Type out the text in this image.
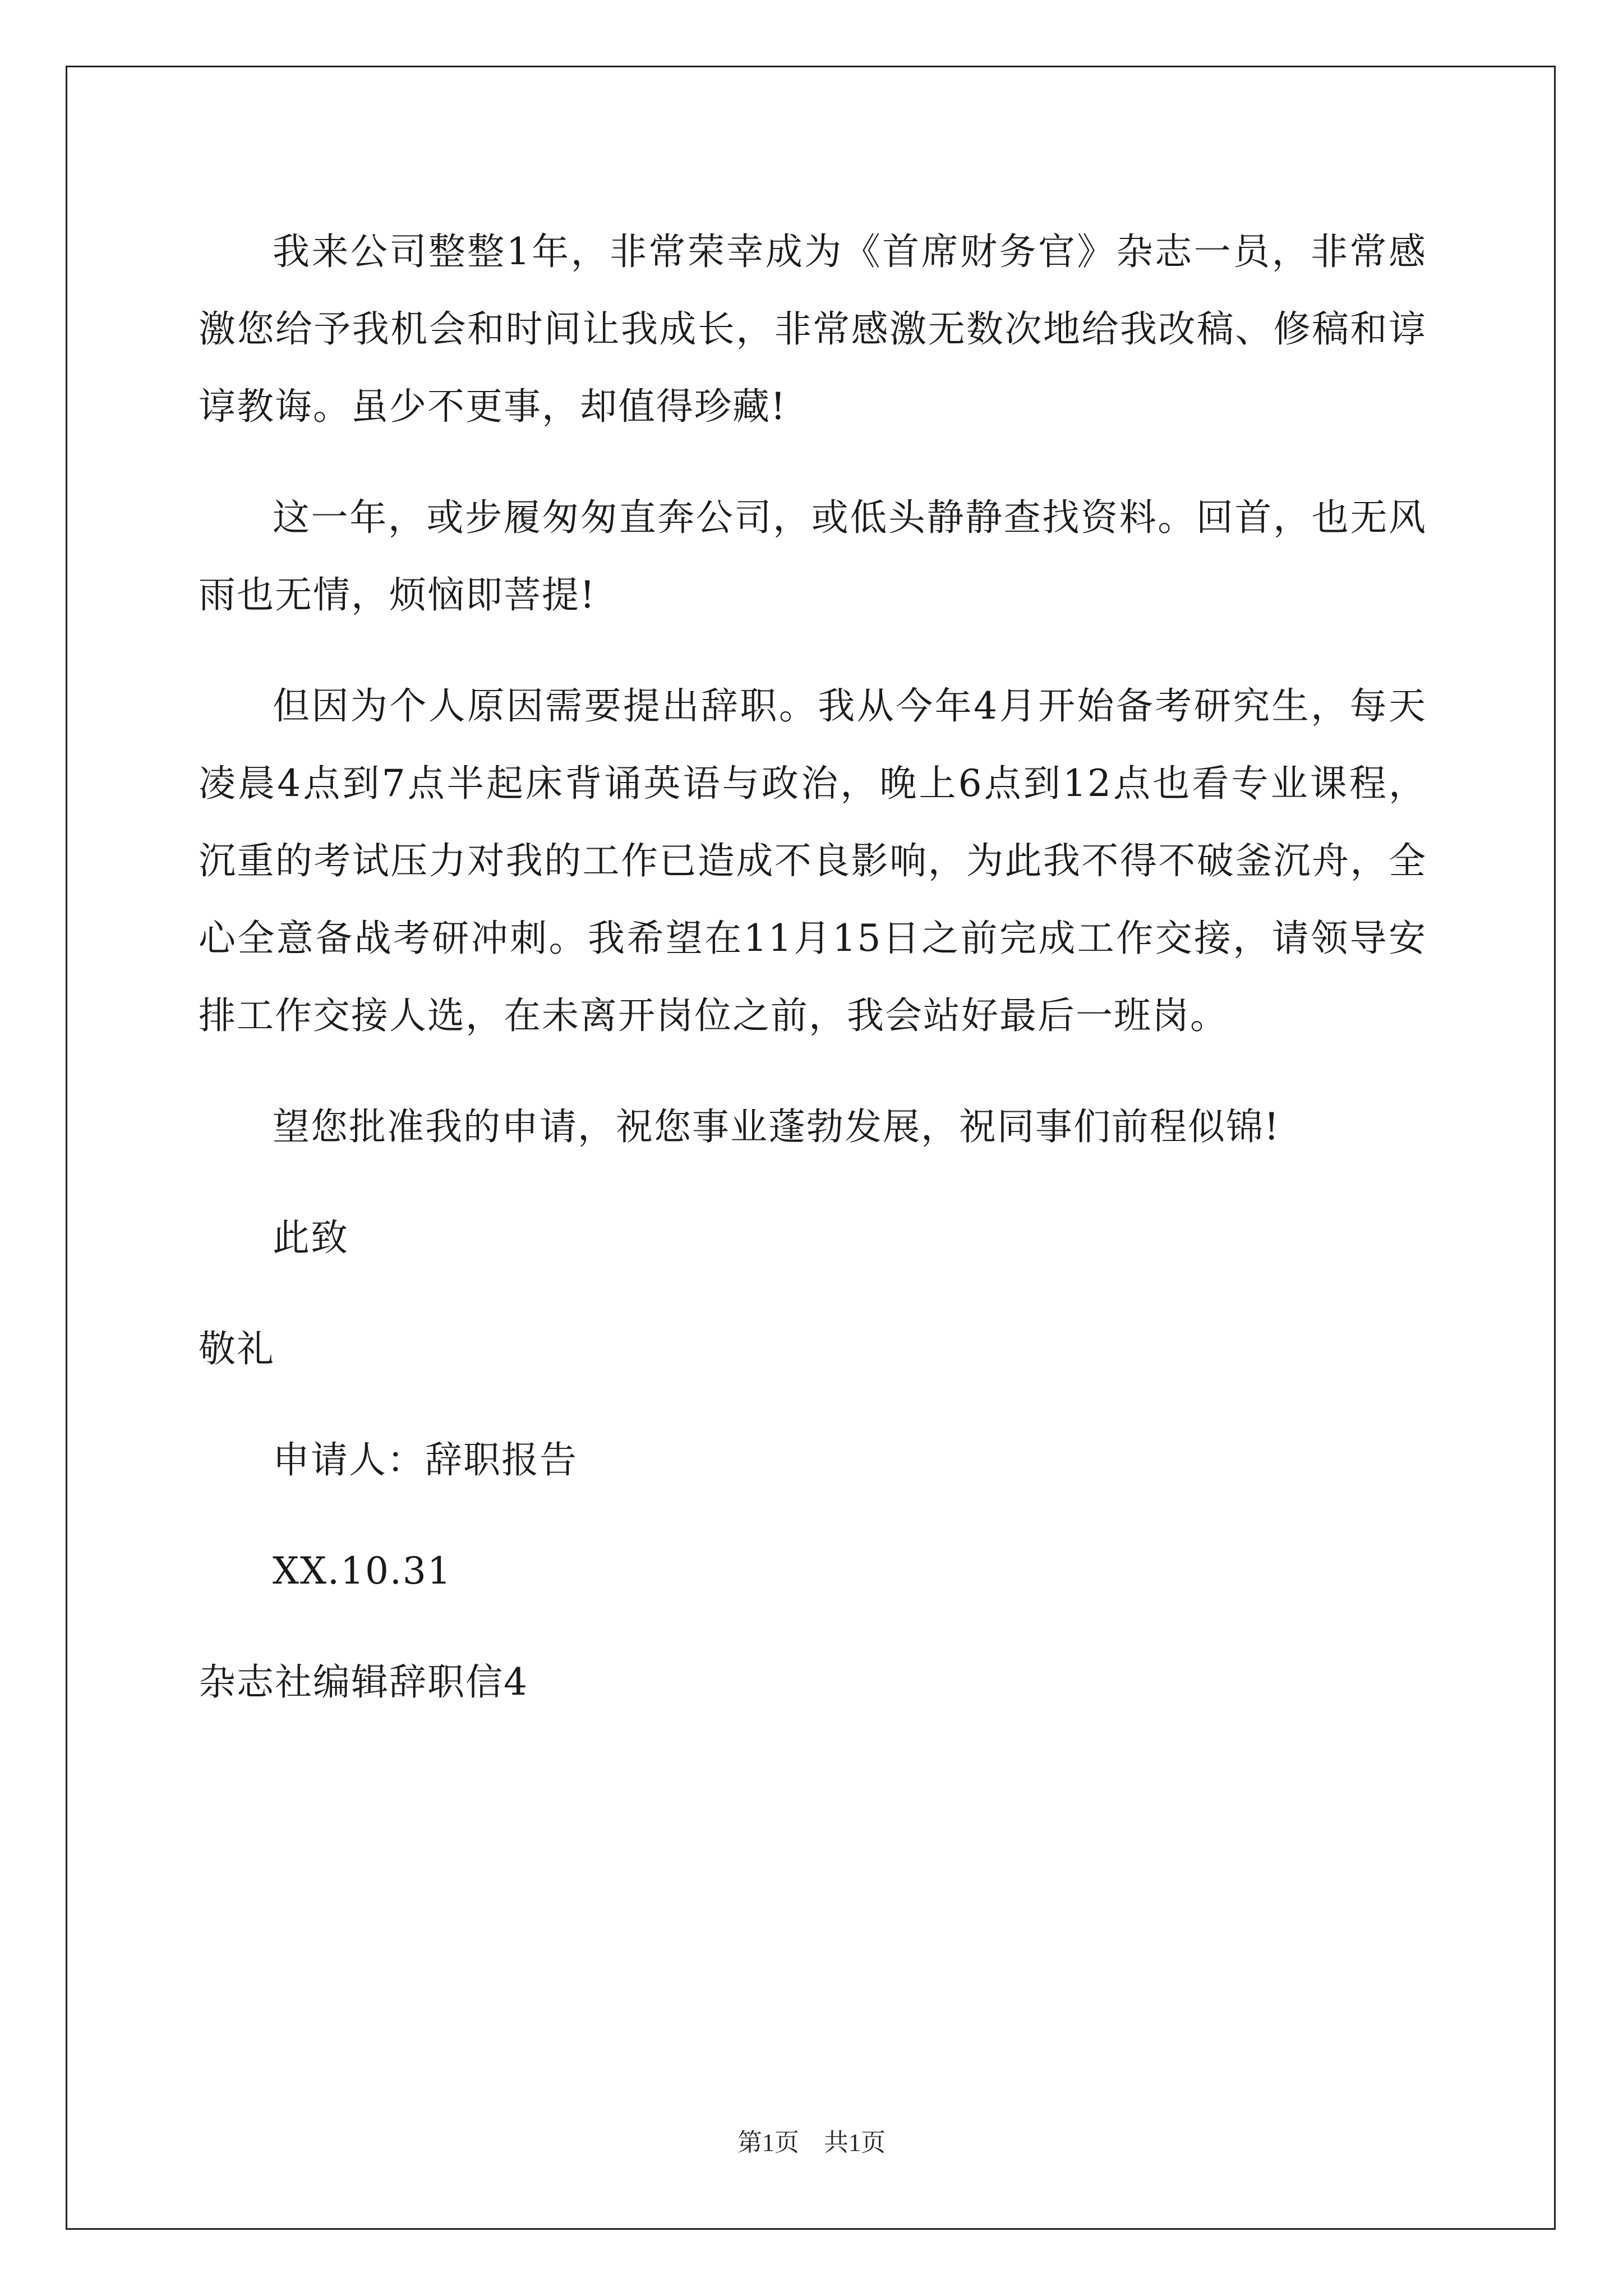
我来公司整整1年，非常荣幸成为《首席财务官》杂志一员，非常感激您给予我机会和时间让我成长，非常感激无数次地给我改稿、修稿和谆谆教诲。虽少不更事，却值得珍藏!

这一年，或步履匆匆直奔公司，或低头静静查找资料。回首，也无风雨也无情，烦恼即菩提!

但因为个人原因需要提出辞职。我从今年4月开始备考研究生，每天凌晨4点到7点半起床背诵英语与政治，晚上6点到12点也看专业课程，沉重的考试压力对我的工作已造成不良影响，为此我不得不破釜沉舟，全心全意备战考研冲刺。我希望在11月15日之前完成工作交接，请领导安排工作交接人选，在未离开岗位之前，我会站好最后一班岗。

望您批准我的申请，祝您事业蓬勃发展，祝同事们前程似锦!

此致

敬礼

申请人：辞职报告

XX.10.31

杂志社编辑辞职信4

第1页　共1页
